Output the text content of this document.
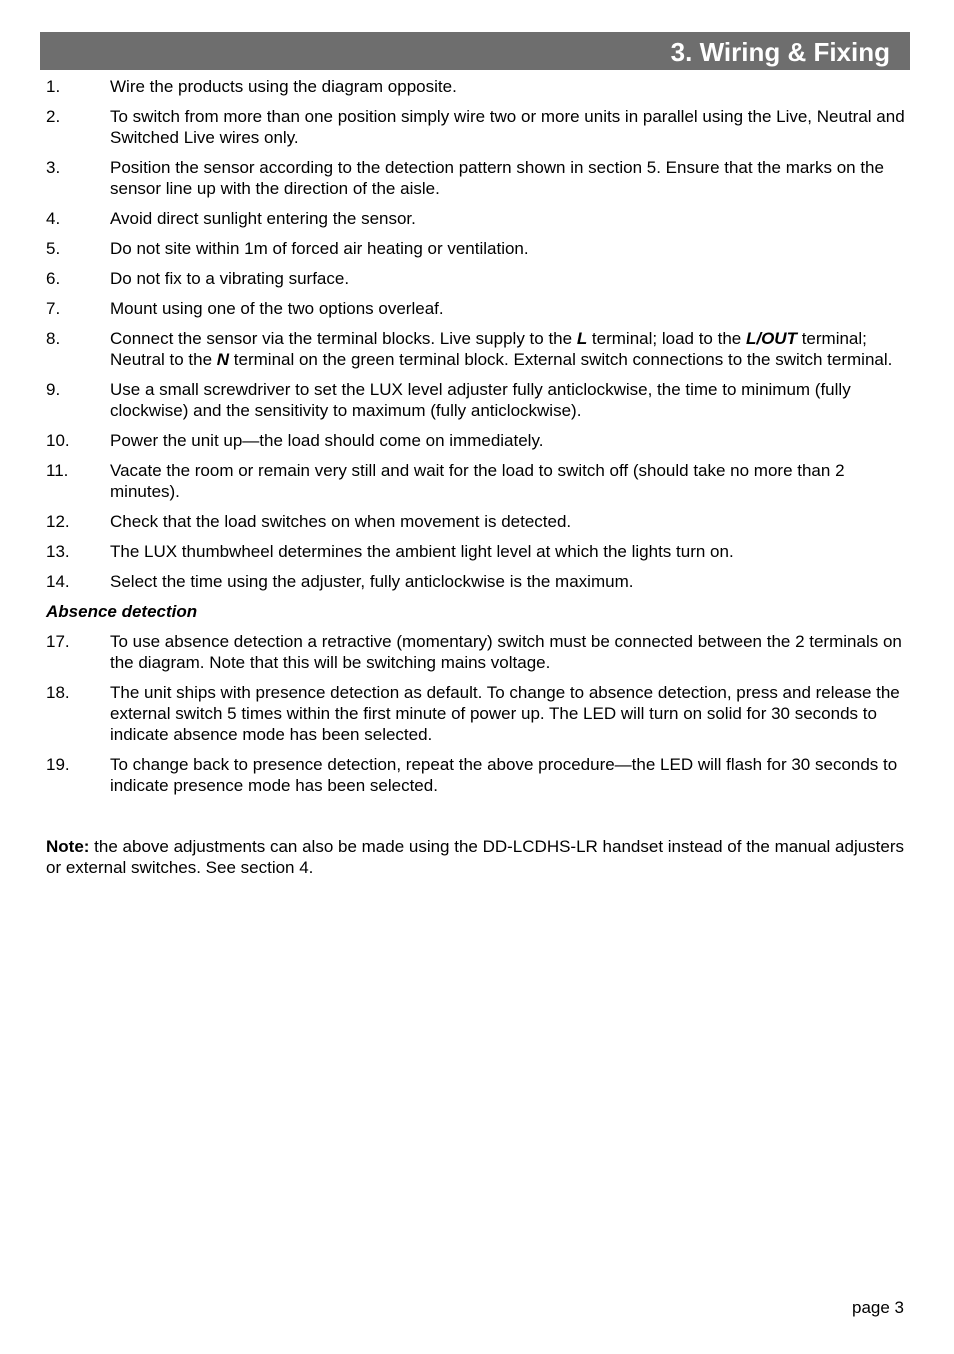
3. Wiring & Fixing
1.	Wire the products using the diagram opposite.
2.	To switch from more than one position simply wire two or more units in parallel using the Live, Neutral and Switched Live wires only.
3.	Position the sensor according to the detection pattern shown in section 5. Ensure that the marks on the sensor line up with the direction of the aisle.
4.	Avoid direct sunlight entering the sensor.
5.	Do not site within 1m of forced air heating or ventilation.
6.	Do not fix to a vibrating surface.
7.	Mount using one of the two options overleaf.
8.	Connect the sensor via the terminal blocks. Live supply to the L terminal; load to the L/OUT terminal; Neutral to the N terminal on the green terminal block. External switch connections to the switch terminal.
9.	Use a small screwdriver to set the LUX level adjuster fully anticlockwise, the time to minimum (fully clockwise) and the sensitivity to maximum (fully anticlockwise).
10.	Power the unit up—the load should come on immediately.
11.	Vacate the room or remain very still and wait for the load to switch off (should take no more than 2 minutes).
12.	Check that the load switches on when movement is detected.
13.	The LUX thumbwheel determines the ambient light level at which the lights turn on.
14.	Select the time using the adjuster, fully anticlockwise is the maximum.
Absence detection
17.	To use absence detection a retractive (momentary) switch must be connected between the 2 terminals on the diagram. Note that this will be switching mains voltage.
18.	The unit ships with presence detection as default. To change to absence detection, press and release the external switch 5 times within the first minute of power up. The LED will turn on solid for 30 seconds to indicate absence mode has been selected.
19.	To change back to presence detection, repeat the above procedure—the LED will flash for 30 seconds to indicate presence mode has been selected.
Note: the above adjustments can also be made using the DD-LCDHS-LR handset instead of the manual adjusters or external switches. See section 4.
page 3
